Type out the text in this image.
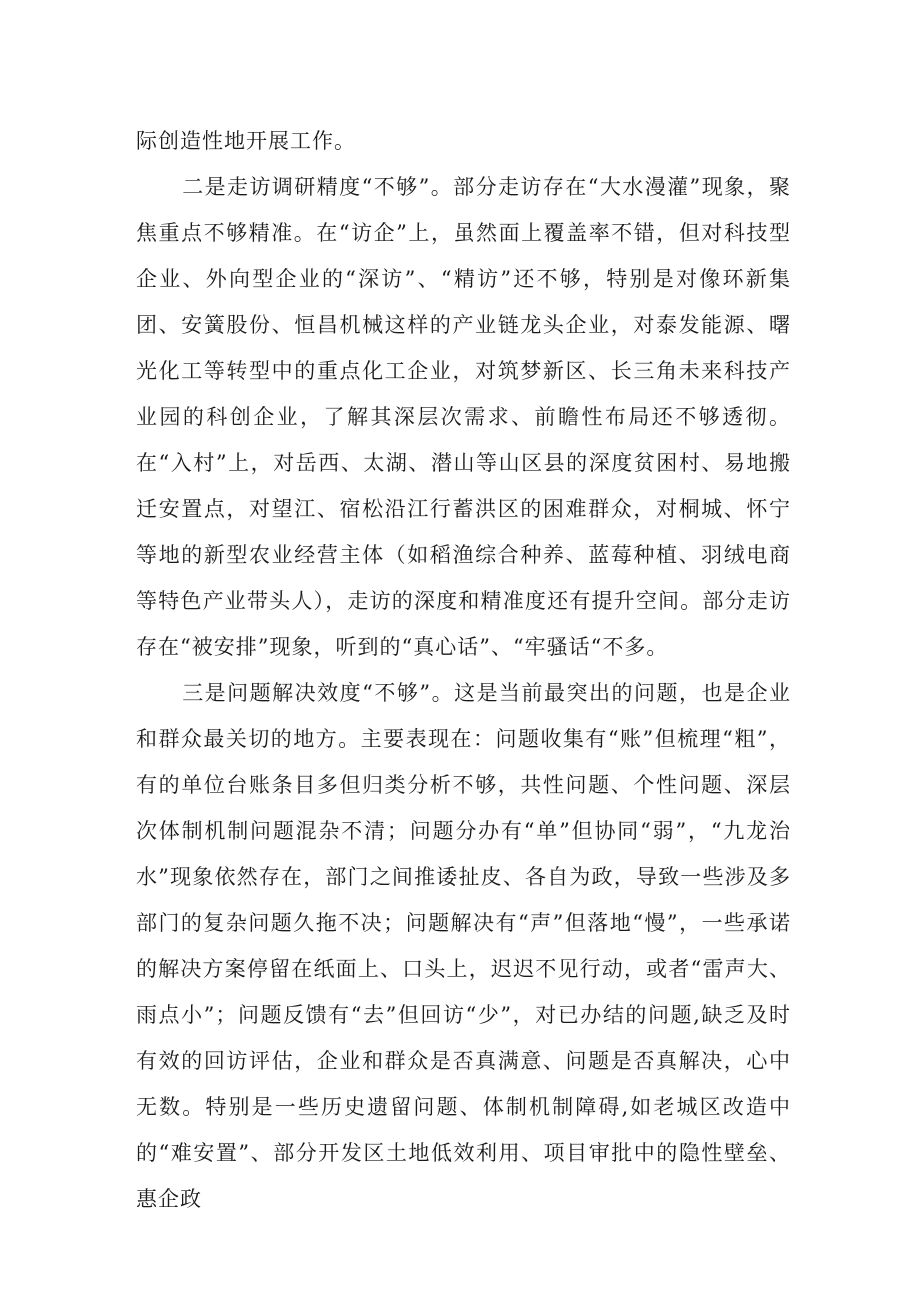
际创造性地开展工作。

二是走访调研精度“不够”。部分走访存在“大水漫灌”现象，聚焦重点不够精准。在“访企”上，虽然面上覆盖率不错，但对科技型企业、外向型企业的“深访”、“精访”还不够，特别是对像环新集团、安簧股份、恒昌机械这样的产业链龙头企业，对泰发能源、曙光化工等转型中的重点化工企业，对筑梦新区、长三角未来科技产业园的科创企业，了解其深层次需求、前瞻性布局还不够透彻。在“入村”上，对岳西、太湖、潜山等山区县的深度贫困村、易地搬迁安置点，对望江、宿松沿江行蓄洪区的困难群众，对桐城、怀宁等地的新型农业经营主体（如稻渔综合种养、蓝莓种植、羽绒电商等特色产业带头人），走访的深度和精准度还有提升空间。部分走访存在“被安排”现象，听到的“真心话”、“牢骚话“不多。

三是问题解决效度“不够”。这是当前最突出的问题，也是企业和群众最关切的地方。主要表现在：问题收集有“账”但梳理“粗”，有的单位台账条目多但归类分析不够，共性问题、个性问题、深层次体制机制问题混杂不清；问题分办有“单”但协同“弱”，“九龙治水”现象依然存在，部门之间推诿扯皮、各自为政，导致一些涉及多部门的复杂问题久拖不决；问题解决有“声”但落地“慢”，一些承诺的解决方案停留在纸面上、口头上，迟迟不见行动，或者“雷声大、雨点小”；问题反馈有“去”但回访“少”，对已办结的问题,缺乏及时有效的回访评估，企业和群众是否真满意、问题是否真解决，心中无数。特别是一些历史遗留问题、体制机制障碍,如老城区改造中的“难安置”、部分开发区土地低效利用、项目审批中的隐性壁垒、惠企政
